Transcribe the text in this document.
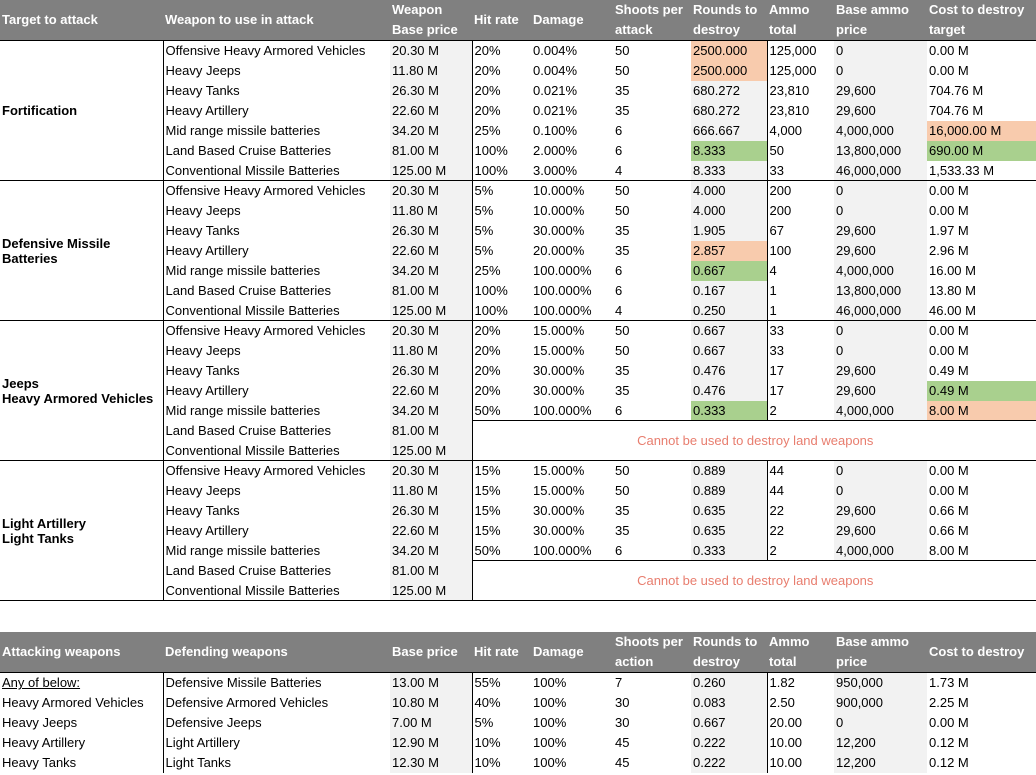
Target to attack	Weapon to use in attack	Weapon Base price	Hit rate	Damage	Shoots per attack	Rounds to destroy	Ammo total	Base ammo price	Cost to destroy target
Fortification	Offensive Heavy Armored Vehicles	20.30 M	20%	0.004%	50	2500.000	125,000	0	0.00 M
	Heavy Jeeps	11.80 M	20%	0.004%	50	2500.000	125,000	0	0.00 M
	Heavy Tanks	26.30 M	20%	0.021%	35	680.272	23,810	29,600	704.76 M
	Heavy Artillery	22.60 M	20%	0.021%	35	680.272	23,810	29,600	704.76 M
	Mid range missile batteries	34.20 M	25%	0.100%	6	666.667	4,000	4,000,000	16,000.00 M
	Land Based Cruise Batteries	81.00 M	100%	2.000%	6	8.333	50	13,800,000	690.00 M
	Conventional Missile Batteries	125.00 M	100%	3.000%	4	8.333	33	46,000,000	1,533.33 M
Defensive Missile
Batteries	Offensive Heavy Armored Vehicles	20.30 M	5%	10.000%	50	4.000	200	0	0.00 M
	Heavy Jeeps	11.80 M	5%	10.000%	50	4.000	200	0	0.00 M
	Heavy Tanks	26.30 M	5%	30.000%	35	1.905	67	29,600	1.97 M
	Heavy Artillery	22.60 M	5%	20.000%	35	2.857	100	29,600	2.96 M
	Mid range missile batteries	34.20 M	25%	100.000%	6	0.667	4	4,000,000	16.00 M
	Land Based Cruise Batteries	81.00 M	100%	100.000%	6	0.167	1	13,800,000	13.80 M
	Conventional Missile Batteries	125.00 M	100%	100.000%	4	0.250	1	46,000,000	46.00 M
Jeeps
Heavy Armored Vehicles	Offensive Heavy Armored Vehicles	20.30 M	20%	15.000%	50	0.667	33	0	0.00 M
	Heavy Jeeps	11.80 M	20%	15.000%	50	0.667	33	0	0.00 M
	Heavy Tanks	26.30 M	20%	30.000%	35	0.476	17	29,600	0.49 M
	Heavy Artillery	22.60 M	20%	30.000%	35	0.476	17	29,600	0.49 M
	Mid range missile batteries	34.20 M	50%	100.000%	6	0.333	2	4,000,000	8.00 M
	Land Based Cruise Batteries	81.00 M	Cannot be used to destroy land weapons						
	Conventional Missile Batteries	125.00 M							
Light Artillery
Light Tanks	Offensive Heavy Armored Vehicles	20.30 M	15%	15.000%	50	0.889	44	0	0.00 M
	Heavy Jeeps	11.80 M	15%	15.000%	50	0.889	44	0	0.00 M
	Heavy Tanks	26.30 M	15%	30.000%	35	0.635	22	29,600	0.66 M
	Heavy Artillery	22.60 M	15%	30.000%	35	0.635	22	29,600	0.66 M
	Mid range missile batteries	34.20 M	50%	100.000%	6	0.333	2	4,000,000	8.00 M
	Land Based Cruise Batteries	81.00 M	Cannot be used to destroy land weapons						
	Conventional Missile Batteries	125.00 M							
Attacking weapons	Defending weapons	Base price	Hit rate	Damage	Shoots per action	Rounds to destroy	Ammo total	Base ammo price	Cost to destroy
Any of below:	Defensive Missile Batteries	13.00 M	55%	100%	7	0.260	1.82	950,000	1.73 M
Heavy Armored Vehicles	Defensive Armored Vehicles	10.80 M	40%	100%	30	0.083	2.50	900,000	2.25 M
Heavy Jeeps	Defensive Jeeps	7.00 M	5%	100%	30	0.667	20.00	0	0.00 M
Heavy Artillery	Light Artillery	12.90 M	10%	100%	45	0.222	10.00	12,200	0.12 M
Heavy Tanks	Light Tanks	12.30 M	10%	100%	45	0.222	10.00	12,200	0.12 M
